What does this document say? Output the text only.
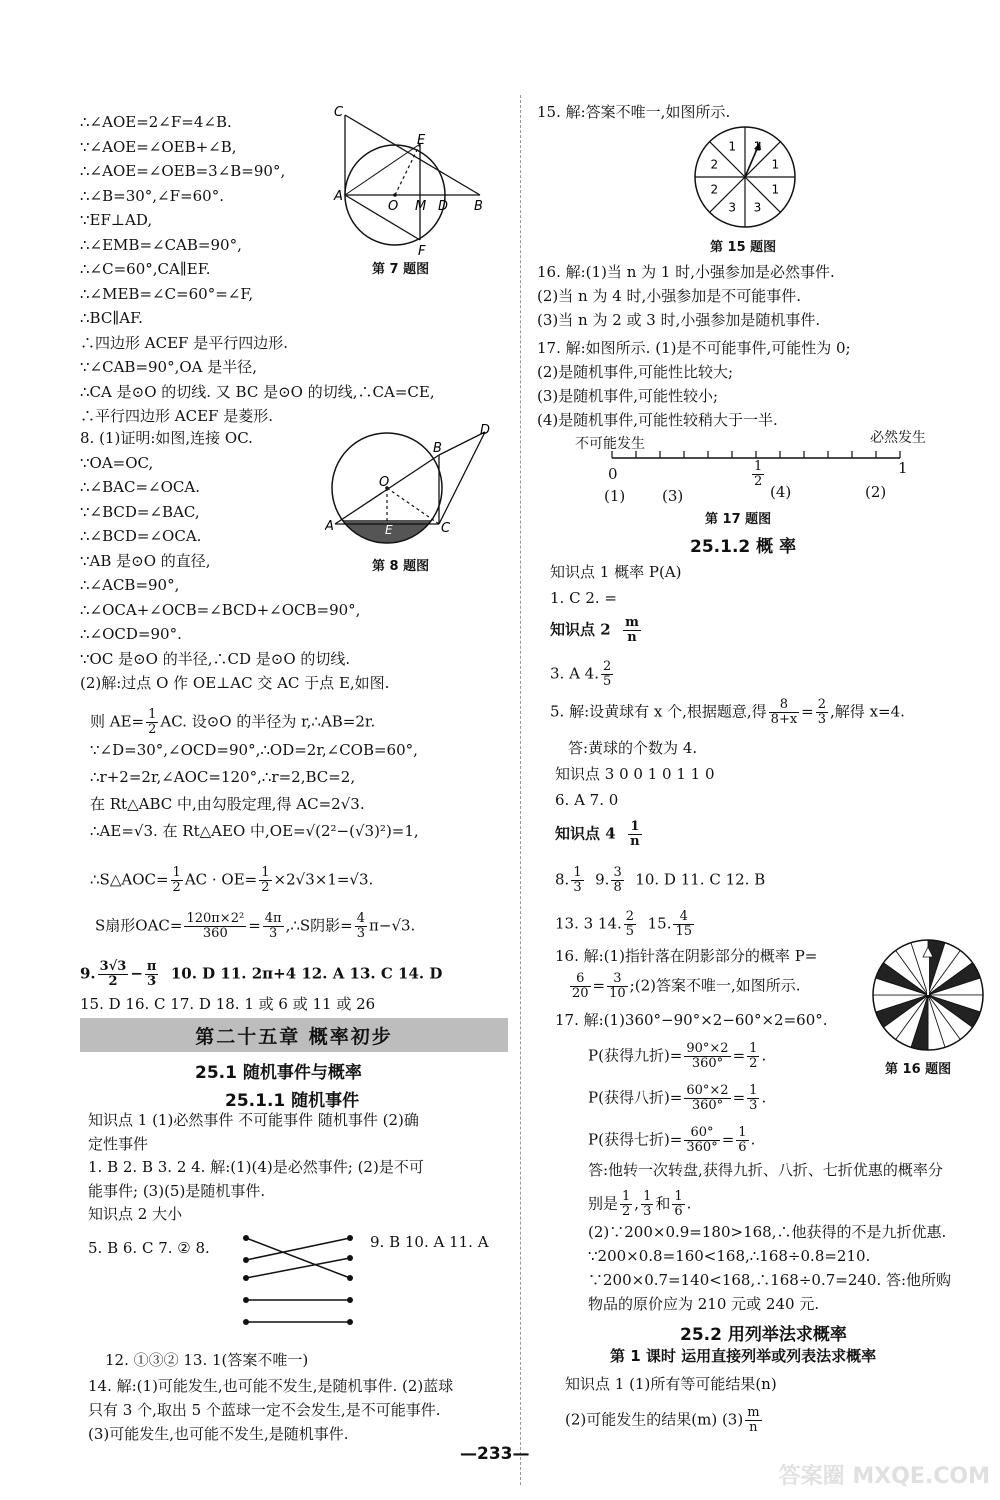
∴∠AOE=2∠F=4∠B.
∵∠AOE=∠OEB+∠B,
∴∠AOE=∠OEB=3∠B=90°,
∴∠B=30°,∠F=60°.
∵EF⊥AD,
∴∠EMB=∠CAB=90°,
∴∠C=60°,CA∥EF.
∴∠MEB=∠C=60°=∠F,
∴BC∥AF.
∴四边形 ACEF 是平行四边形.
∵∠CAB=90°,OA 是半径,
∴CA 是⊙O 的切线. 又 BC 是⊙O 的切线,∴CA=CE,
∴平行四边形 ACEF 是菱形.
C
E
A
O M D B
F
第 7 题图
8. (1)证明:如图,连接 OC.
∵OA=OC,
∴∠BAC=∠OCA.
∵∠BCD=∠BAC,
∴∠BCD=∠OCA.
∵AB 是⊙O 的直径,
∴∠ACB=90°,
∴∠OCA+∠OCB=∠BCD+∠OCB=90°,
∴∠OCD=90°.
∵OC 是⊙O 的半径,∴CD 是⊙O 的切线.
(2)解:过点 O 作 OE⊥AC 交 AC 于点 E,如图.
D
B
O
A	E	C
第 8 题图
则 $AE= \frac{1}{2}$ AC. 设⊙O 的半径为 r,∴AB=2r.
∵∠D=30°,∠OCD=90°,∴OD=2r,∠COB=60°,
∴r+2=2r,∠AOC=120°,∴r=2,BC=2,
在 Rt△ABC 中,由勾股定理,得 AC=2√3.
∴AE=√3. 在 Rt△AEO 中,OE=√(2²−(√3)²)=1,
∴S△AOC= $\frac{1}{2}$ AC · $OE= \frac{1}{2} \times 2√3\times 1=√3$.
S扇形$OAC= \frac{\text{120π×2²}}{360} = \frac{4\pi}{3}$ ,∴S阴影= $\frac{4}{3} \pi-√3$.
9. $\frac{3√3}{2} - \frac{\pi}{3} 10$. D 11. 2π+4 12. A 13. C 14. D
15. D 16. C 17. D 18. 1 或 6 或 11 或 26
第二十五章 概率初步
25.1 随机事件与概率
25.1.1 随机事件
知识点 1 (1)必然事件 不可能事件 随机事件 (2)确
定性事件
1. B 2. B 3. 2 4. 解:(1)(4)是必然事件; (2)是不可
能事件; (3)(5)是随机事件.
知识点 2 大小
5. B 6. C 7. ② 8.	9. B 10. A 11. A
12. ①③② 13. 1(答案不唯一)
14. 解:(1)可能发生,也可能不发生,是随机事件. (2)蓝球
只有 3 个,取出 5 个蓝球一定不会发生,是不可能事件.
(3)可能发生,也可能不发生,是随机事件.
15. 解:答案不唯一,如图所示.
1
1
1
1
2
2
3 3
第 15 题图
16. 解:(1)当 n 为 1 时,小强参加是必然事件.
(2)当 n 为 4 时,小强参加是不可能事件.
(3)当 n 为 2 或 3 时,小强参加是随机事件.
17. 解:如图所示. (1)是不可能事件,可能性为 0;
(2)是随机事件,可能性比较大;
(3)是随机事件,可能性较小;
(4)是随机事件,可能性较稍大于一半.
不可能发生	必然发生
0	$\frac{1}{2}$	1
(1) (3)	(4)	(2)
第 17 题图
25.1.2 概 率
知识点 1 概率 P(A)
1. C 2. =
知识点 $2 \frac{m}{n}$
3. A 4. $\frac{2}{5}$
5. 解:设黄球有 x 个,根据题意,得 $\frac{8}{8+x} = \frac{2}{3}$ ,解得 x=4.
答:黄球的个数为 4.
知识点 3 0 0 1 0 1 1 0
6. A 7. 0
知识点 $4 \frac{1}{n}$
8. $\frac{1}{3} 9$. $\frac{3}{8} 10$. D 11. C 12. B
13. 3 14. $\frac{2}{5} 15$. $\frac{4}{15}$
16. 解:(1)指针落在阴影部分的概率 P=
$\frac{6}{20} = \frac{3}{10}$ ;(2)答案不唯一,如图所示.
第 16 题图
17. 解:(1)360°−90°×2−60°×2=60°.
P(获得九折)= $\frac{90^\circ\times 2}{360^\circ} = \frac{1}{2}$ .
P(获得八折)= $\frac{60^\circ\times 2}{360^\circ} = \frac{1}{3}$ .
P(获得七折)= $\frac{60^\circ}{360^\circ} = \frac{1}{6}$ .
答:他转一次转盘,获得九折、八折、七折优惠的概率分
别是 $\frac{1}{2}$ , $\frac{1}{3}$ 和 $\frac{1}{6}$ .
(2)∵200×0.9=180>168,∴他获得的不是九折优惠.
∵200×0.8=160<168,∴168÷0.8=210.
∵200×0.7=140<168,∴168÷0.7=240. 答:他所购
物品的原价应为 210 元或 240 元.
25.2 用列举法求概率
第 1 课时 运用直接列举或列表法求概率
知识点 1 (1)所有等可能结果(n)
(2)可能发生的结果(m) $(3) \frac{m}{n}$
—233—
答案圈 MXQE.COM
